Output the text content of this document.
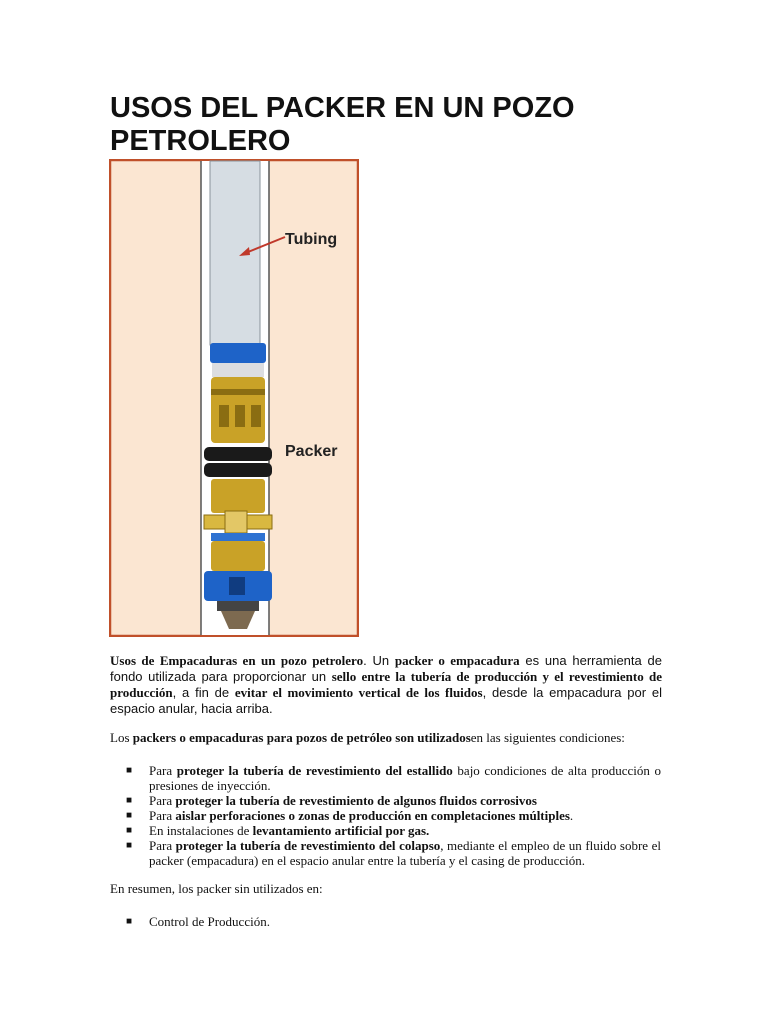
USOS DEL PACKER EN UN POZO PETROLERO
Tubing
Packer

Usos de Empacaduras en un pozo petrolero. Un packer o empacadura es una herramienta de fondo utilizada para proporcionar un sello entre la tubería de producción y el revestimiento de producción, a fin de evitar el movimiento vertical de los fluidos, desde la empacadura por el espacio anular, hacia arriba.

Los packers o empacaduras para pozos de petróleo son utilizadosen las siguientes condiciones:

■ Para proteger la tubería de revestimiento del estallido bajo condiciones de alta producción o presiones de inyección.
■ Para proteger la tubería de revestimiento de algunos fluidos corrosivos
■ Para aislar perforaciones o zonas de producción en completaciones múltiples.
■ En instalaciones de levantamiento artificial por gas.
■ Para proteger la tubería de revestimiento del colapso, mediante el empleo de un fluido sobre el packer (empacadura) en el espacio anular entre la tubería y el casing de producción.

En resumen, los packer sin utilizados en:

■ Control de Producción.
